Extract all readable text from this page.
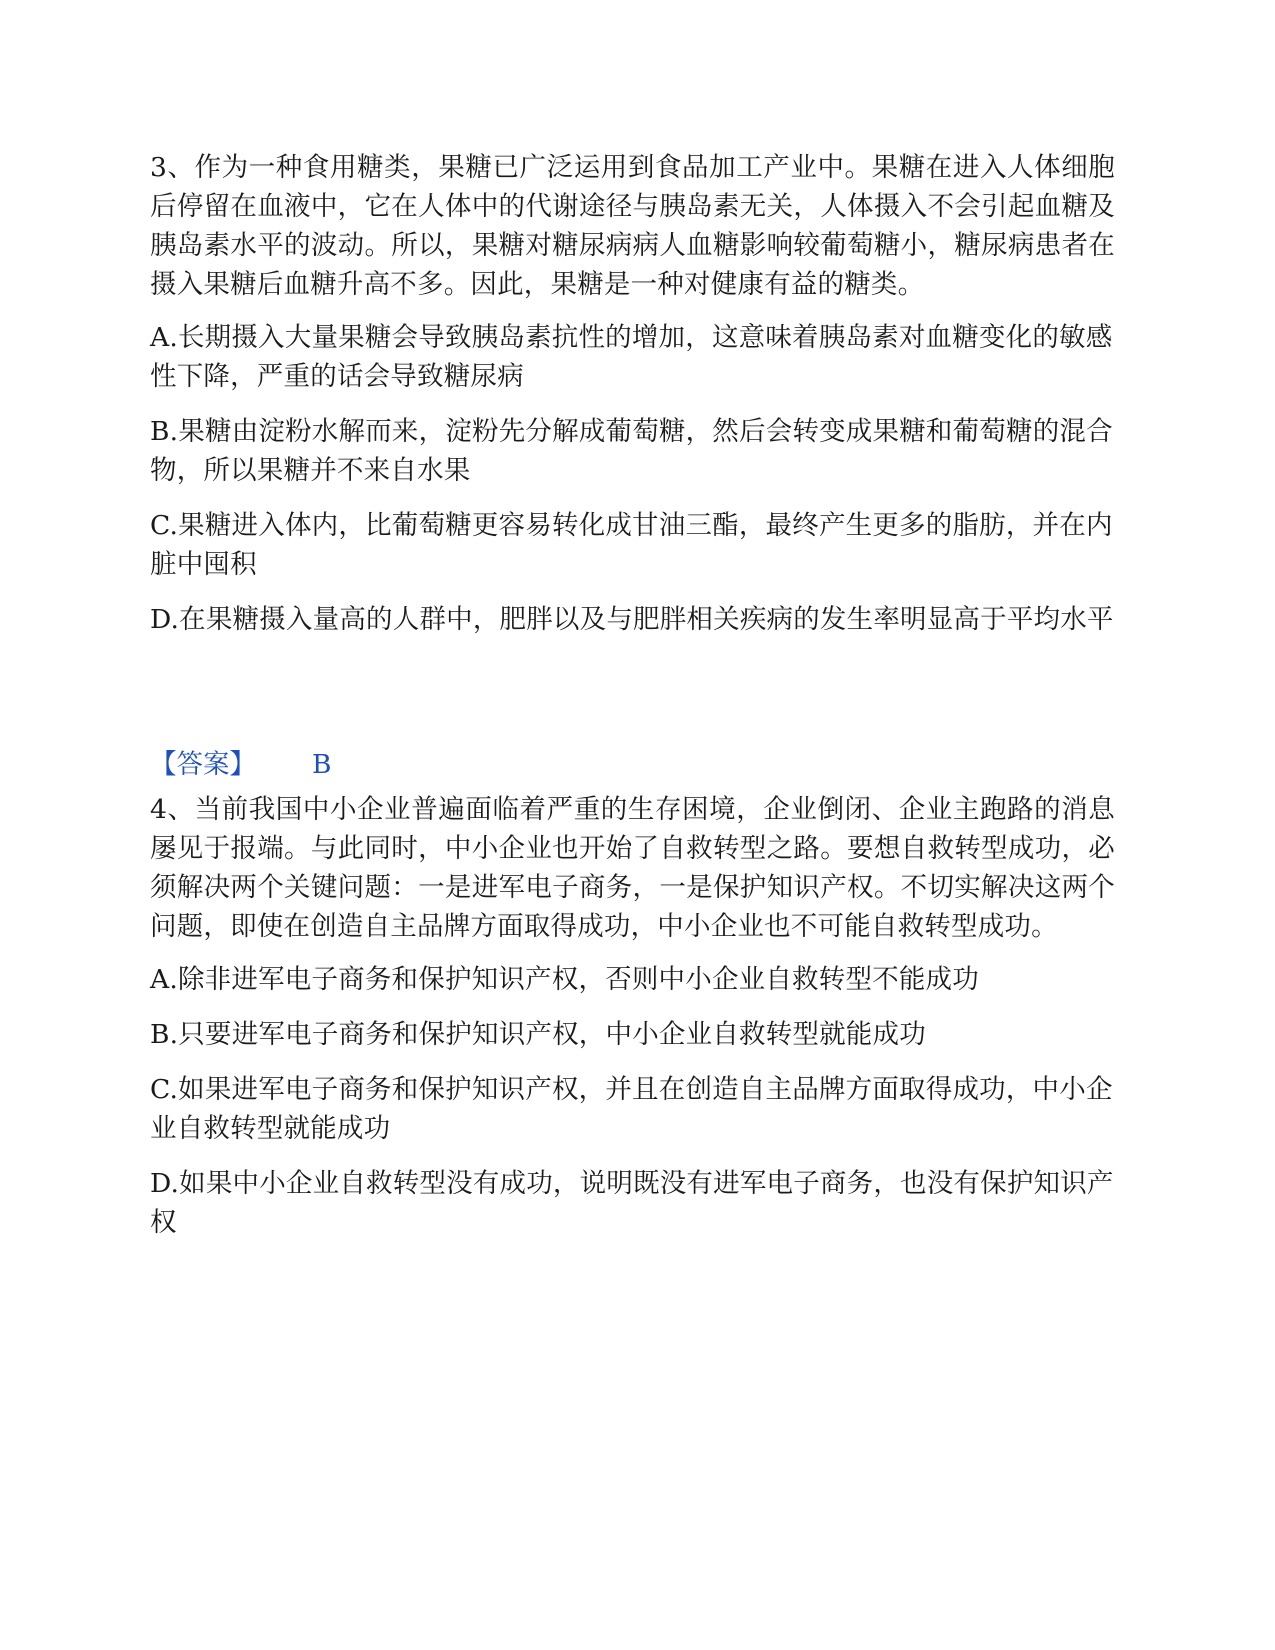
3、作为一种食用糖类，果糖已广泛运用到食品加工产业中。果糖在进入人体细胞后停留在血液中，它在人体中的代谢途径与胰岛素无关，人体摄入不会引起血糖及胰岛素水平的波动。所以，果糖对糖尿病病人血糖影响较葡萄糖小，糖尿病患者在摄入果糖后血糖升高不多。因此，果糖是一种对健康有益的糖类。

A.长期摄入大量果糖会导致胰岛素抗性的增加，这意味着胰岛素对血糖变化的敏感性下降，严重的话会导致糖尿病

B.果糖由淀粉水解而来，淀粉先分解成葡萄糖，然后会转变成果糖和葡萄糖的混合物，所以果糖并不来自水果

C.果糖进入体内，比葡萄糖更容易转化成甘油三酯，最终产生更多的脂肪，并在内脏中囤积

D.在果糖摄入量高的人群中，肥胖以及与肥胖相关疾病的发生率明显高于平均水平

【答案】 B

4、当前我国中小企业普遍面临着严重的生存困境，企业倒闭、企业主跑路的消息屡见于报端。与此同时，中小企业也开始了自救转型之路。要想自救转型成功，必须解决两个关键问题：一是进军电子商务，一是保护知识产权。不切实解决这两个问题，即使在创造自主品牌方面取得成功，中小企业也不可能自救转型成功。

A.除非进军电子商务和保护知识产权，否则中小企业自救转型不能成功

B.只要进军电子商务和保护知识产权，中小企业自救转型就能成功

C.如果进军电子商务和保护知识产权，并且在创造自主品牌方面取得成功，中小企业自救转型就能成功

D.如果中小企业自救转型没有成功，说明既没有进军电子商务，也没有保护知识产权
